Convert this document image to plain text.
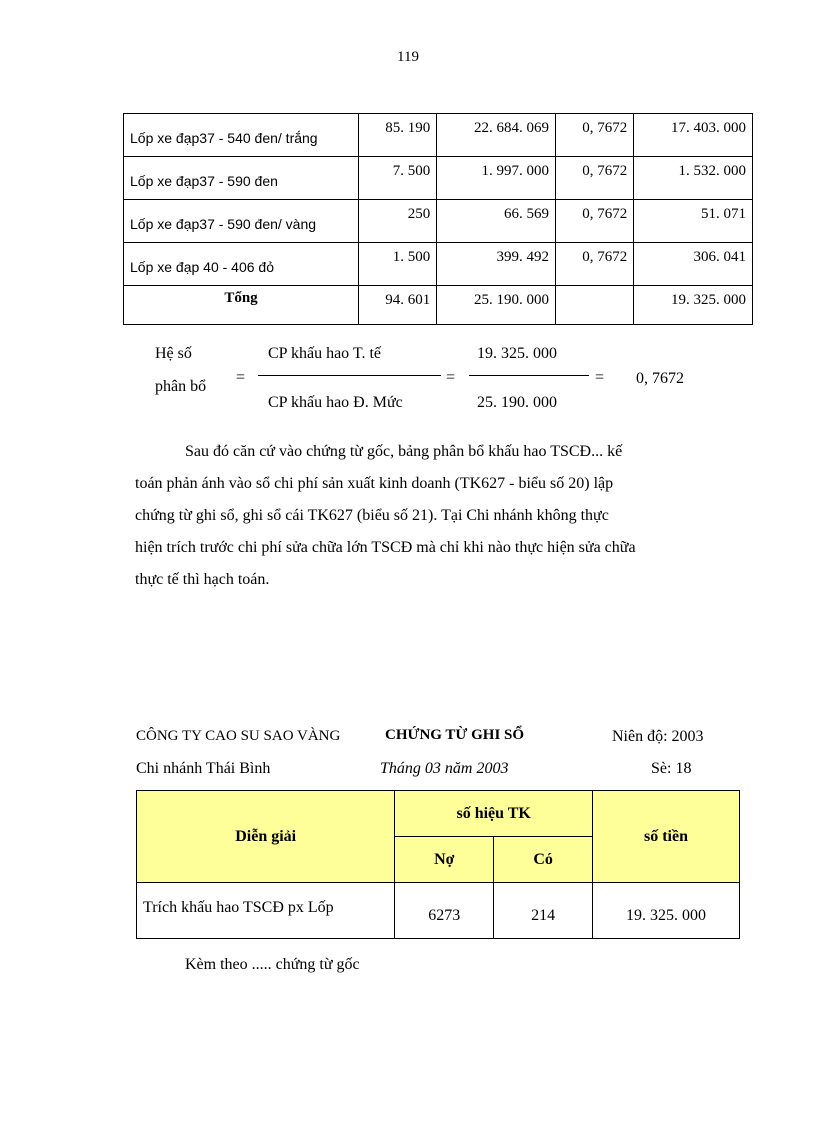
119
Lốp xe đạp37 - 540 đen/ trắng	85. 190	22. 684. 069	0, 7672	17. 403. 000
Lốp xe đạp37 - 590 đen	7. 500	1. 997. 000	0, 7672	1. 532. 000
Lốp xe đạp37 - 590 đen/ vàng	250	66. 569	0, 7672	51. 071
Lốp xe đạp 40 - 406 đỏ	1. 500	399. 492	0, 7672	306. 041
Tổng	94. 601	25. 190. 000		19. 325. 000
Hệ số
phân bổ
=
CP khấu hao T. tế
CP khấu hao Đ. Mức
=
19. 325. 000
25. 190. 000
= 0, 7672
Sau đó căn cứ vào chứng từ gốc, bảng phân bổ khấu hao TSCĐ... kế
toán phản ánh vào sổ chi phí sản xuất kinh doanh (TK627 - biểu số 20) lập
chứng từ ghi sổ, ghi sổ cái TK627 (biểu số 21). Tại Chi nhánh không thực
hiện trích trước chi phí sửa chữa lớn TSCĐ mà chỉ khi nào thực hiện sửa chữa
thực tế thì hạch toán.
CÔNG TY CAO SU SAO VÀNG	CHỨNG TỪ GHI SỔ	Niên độ: 2003
Chi nhánh Thái Bình	Tháng 03 năm 2003	Sè: 18
Diễn giải	số hiệu TK		số tiền
	Nợ	Có	
Trích khấu hao TSCĐ px Lốp	6273	214	19. 325. 000
Kèm theo ..... chứng từ gốc
